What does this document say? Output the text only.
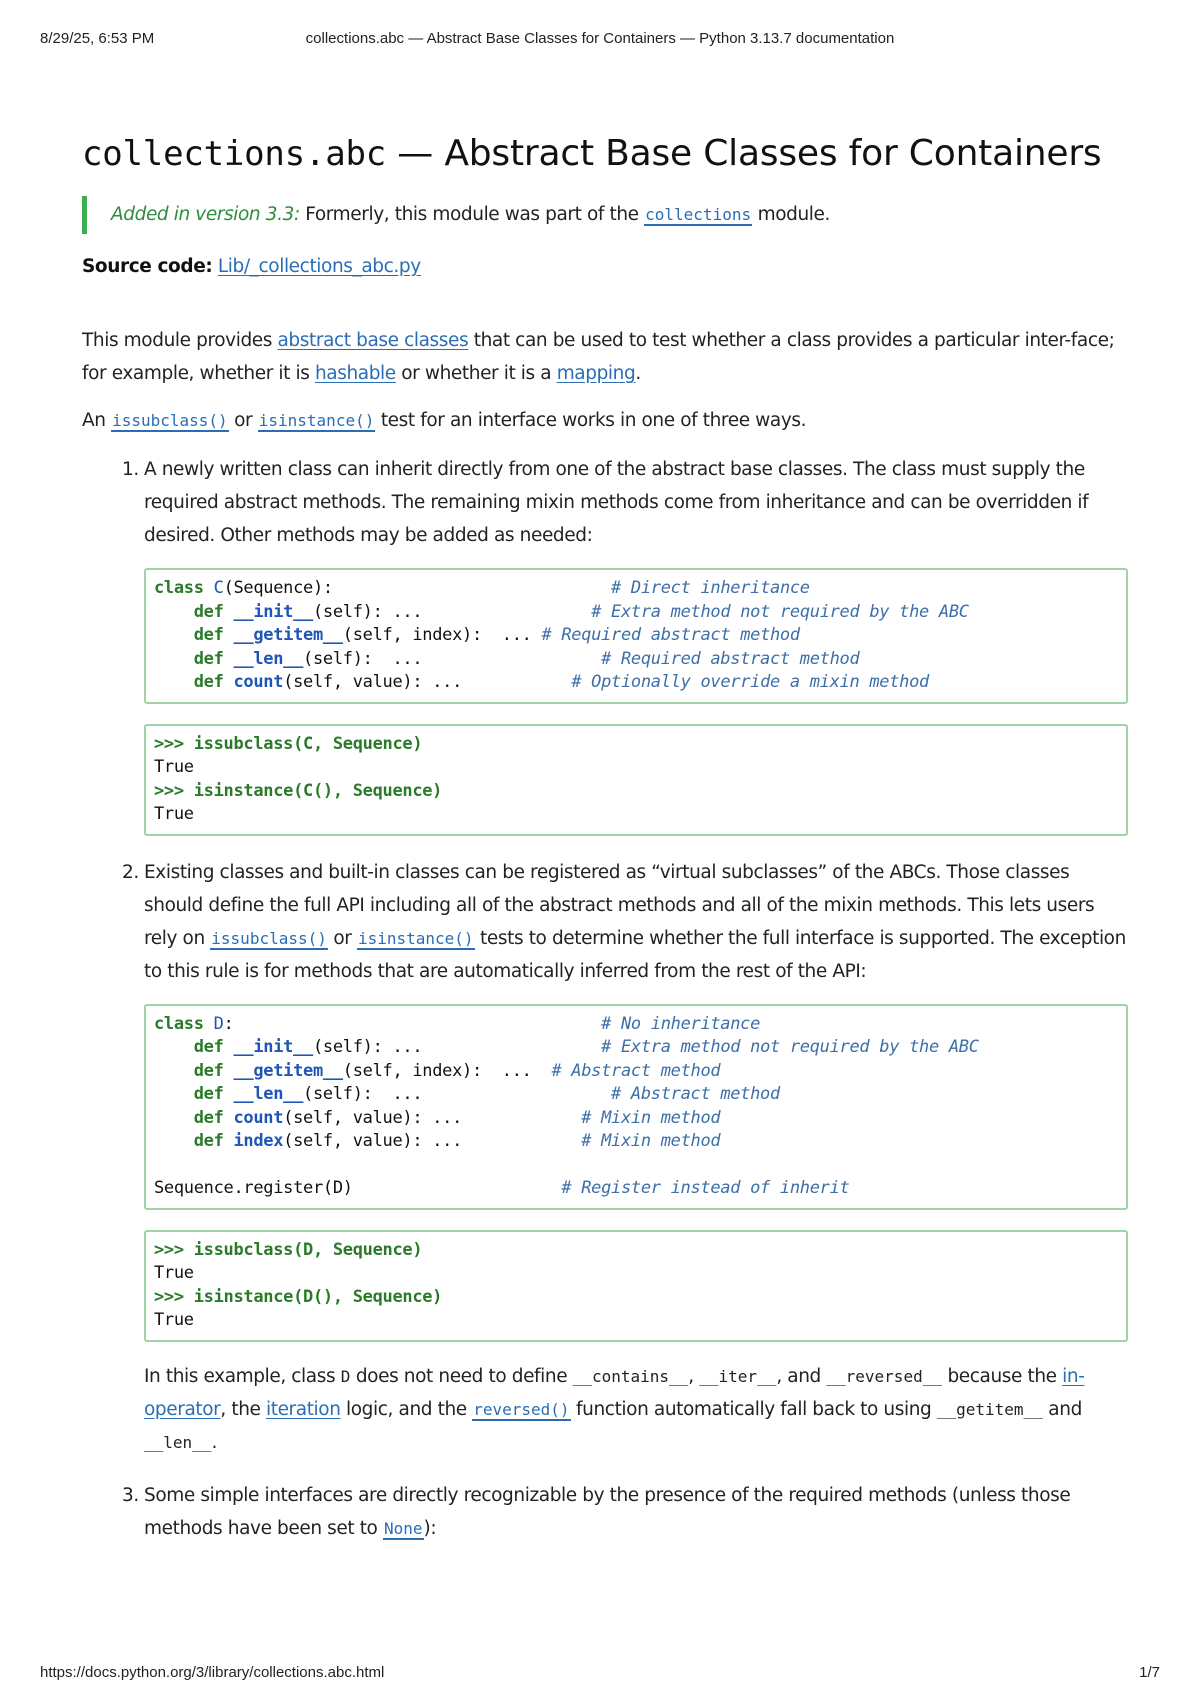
8/29/25, 6:53 PM	collections.abc — Abstract Base Classes for Containers — Python 3.13.7 documentation
collections.abc — Abstract Base Classes for Containers
Added in version 3.3: Formerly, this module was part of the collections module.
Source code: Lib/_collections_abc.py

This module provides abstract base classes that can be used to test whether a class provides a particular inter-face; for example, whether it is hashable or whether it is a mapping.

An issubclass() or isinstance() test for an interface works in one of three ways.

1. A newly written class can inherit directly from one of the abstract base classes. The class must supply the required abstract methods. The remaining mixin methods come from inheritance and can be overridden if desired. Other methods may be added as needed:
class C(Sequence):	# Direct inheritance
def __init__(self): ...	# Extra method not required by the ABC
def __getitem__(self, index):  ... # Required abstract method
def __len__(self):  ...	# Required abstract method
def count(self, value): ...	# Optionally override a mixin method
>>> issubclass(C, Sequence)
True
>>> isinstance(C(), Sequence)
True
2. Existing classes and built-in classes can be registered as “virtual subclasses” of the ABCs. Those classes should define the full API including all of the abstract methods and all of the mixin methods. This lets users rely on issubclass() or isinstance() tests to determine whether the full interface is supported. The exception to this rule is for methods that are automatically inferred from the rest of the API:
class D:	# No inheritance
def __init__(self): ...	# Extra method not required by the ABC
def __getitem__(self, index):  ... # Abstract method
def __len__(self):  ...	# Abstract method
def count(self, value): ...	# Mixin method
def index(self, value): ...	# Mixin method

Sequence.register(D)	# Register instead of inherit
>>> issubclass(D, Sequence)
True
>>> isinstance(D(), Sequence)
True
In this example, class D does not need to define __contains__, __iter__, and __reversed__ because the in-operator, the iteration logic, and the reversed() function automatically fall back to using __getitem__ and __len__.
3. Some simple interfaces are directly recognizable by the presence of the required methods (unless those methods have been set to None):
https://docs.python.org/3/library/collections.abc.html	1/7
